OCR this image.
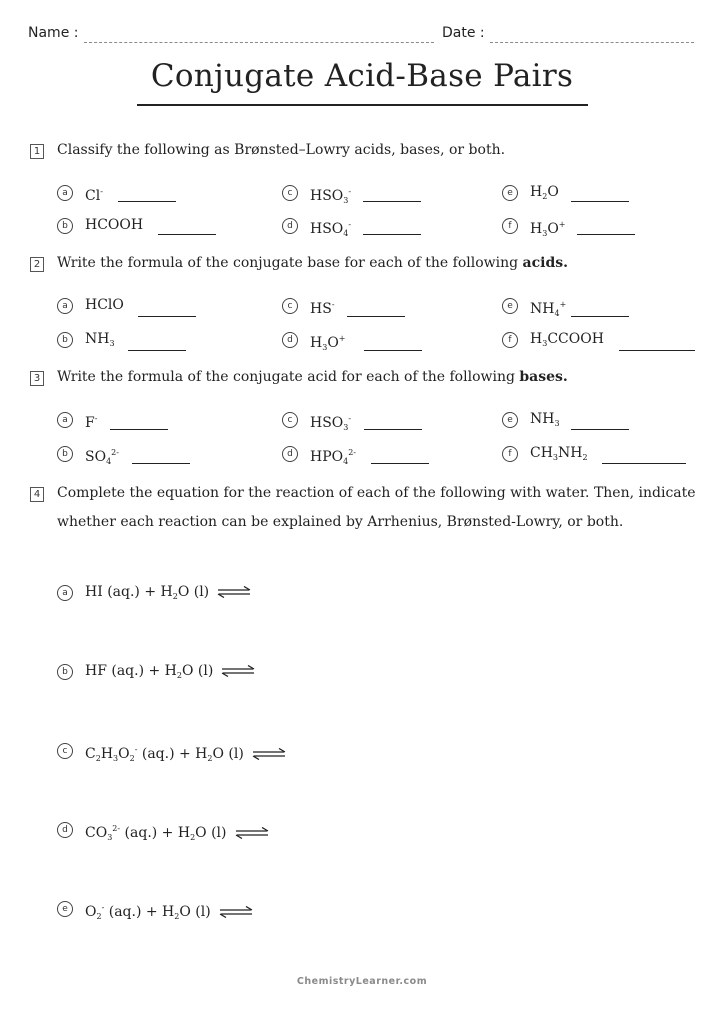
Name :	Date :
Conjugate Acid-Base Pairs
1 Classify the following as Brønsted–Lowry acids, bases, or both.
a	Cl-
b	HCOOH
c	$HSO_3^-$
d	$HSO_4^-$
e	$H_2O$
f	$H_3O^+$
2 Write the formula of the conjugate base for each of the following acids.
a	HClO
b	$NH_3$
c	HS-
d	$H_3O^+$
e	$NH_4^+$
f	$H_3CCOOH$
3 Write the formula of the conjugate acid for each of the following bases.
a	F-
b	$SO_4^{2-}$
c	$HSO_3^-$
d	$HPO_4^{2-}$
e	$NH_3$
f	$CH_3NH_2$
4 Complete the equation for the reaction of each of the following with water. Then, indicate whether each reaction can be explained by Arrhenius, Brønsted-Lowry, or both.
a	HI $(aq.) + H_2O$ (l) ⇌
b	HF $(aq.) + H_2O$ (l) ⇌
c	$C_2H_3O_2^-$ $(aq.) + H_2O$ (l) ⇌
d	$CO_3^{2-}$ $(aq.) + H_2O$ (l) ⇌
e	$O_2^-$ $(aq.) + H_2O$ (l) ⇌
ChemistryLearner.com
